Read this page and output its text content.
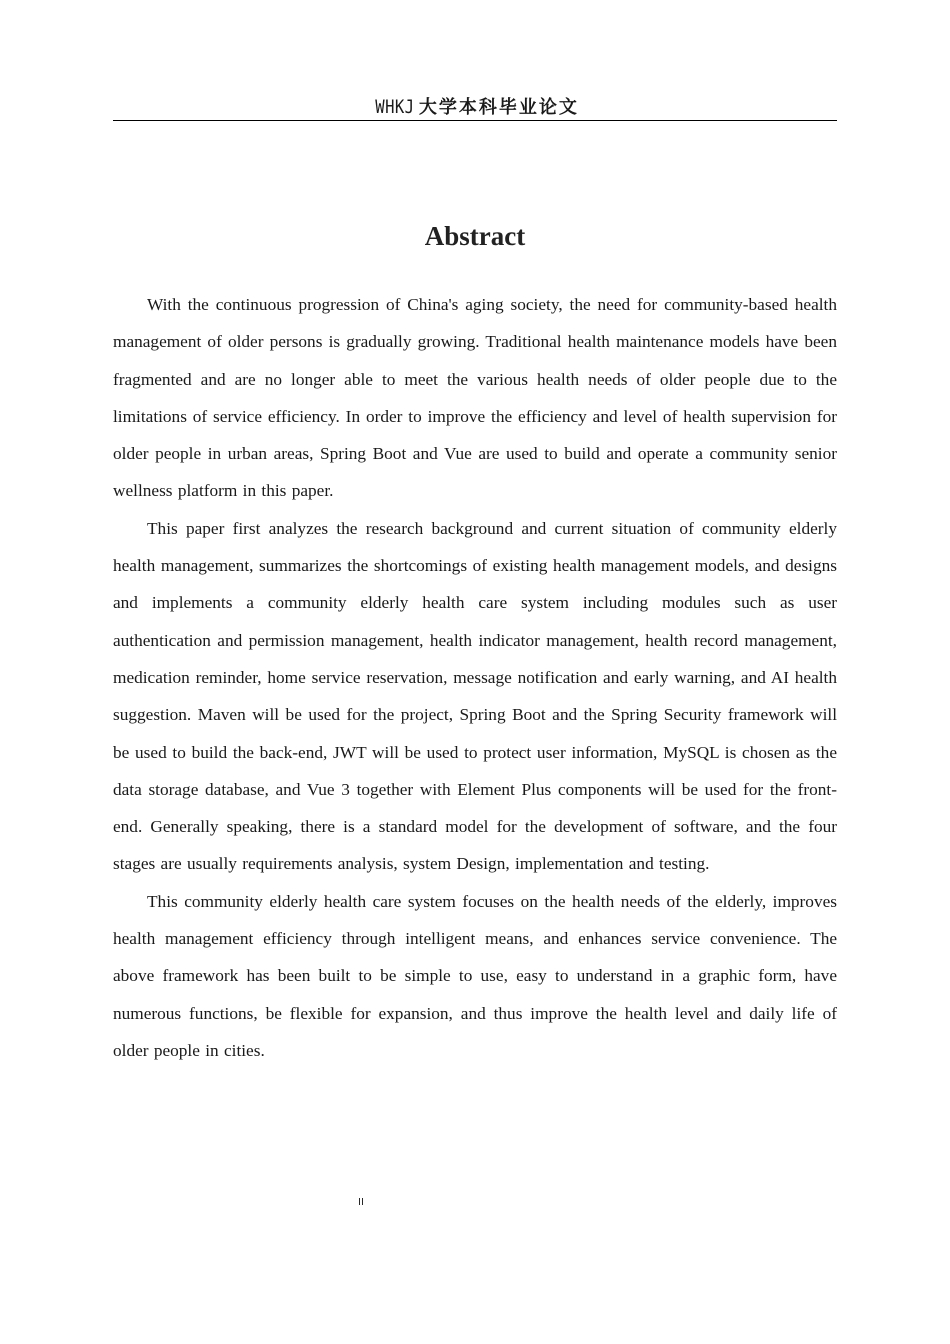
WHKJ 大学本科毕业论文
Abstract

With the continuous progression of China's aging society, the need for community-based health management of older persons is gradually growing. Traditional health maintenance models have been fragmented and are no longer able to meet the various health needs of older people due to the limitations of service efficiency. In order to improve the efficiency and level of health supervision for older people in urban areas, Spring Boot and Vue are used to build and operate a community senior wellness platform in this paper.

This paper first analyzes the research background and current situation of community elderly health management, summarizes the shortcomings of existing health management models, and designs and implements a community elderly health care system including modules such as user authentication and permission management, health indicator management, health record management, medication reminder, home service reservation, message notification and early warning, and AI health suggestion. Maven will be used for the project, Spring Boot and the Spring Security framework will be used to build the back-end, JWT will be used to protect user information, MySQL is chosen as the data storage database, and Vue 3 together with Element Plus components will be used for the front-end. Generally speaking, there is a standard model for the development of software, and the four stages are usually requirements analysis, system Design, implementation and testing.

This community elderly health care system focuses on the health needs of the elderly, improves health management efficiency through intelligent means, and enhances service convenience. The above framework has been built to be simple to use, easy to understand in a graphic form, have numerous functions, be flexible for expansion, and thus improve the health level and daily life of older people in cities.

II
